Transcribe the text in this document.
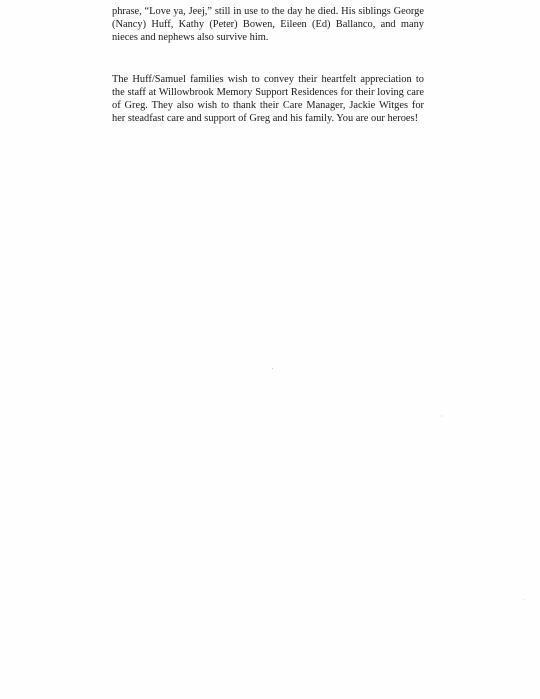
phrase, “Love ya, Jeej,” still in use to the day he died. His siblings George (Nancy) Huff, Kathy (Peter) Bowen, Eileen (Ed) Ballanco, and many nieces and nephews also survive him.

The Huff/Samuel families wish to convey their heartfelt appreciation to the staff at Willowbrook Memory Support Residences for their loving care of Greg. They also wish to thank their Care Manager, Jackie Witges for her steadfast care and support of Greg and his family. You are our heroes!
